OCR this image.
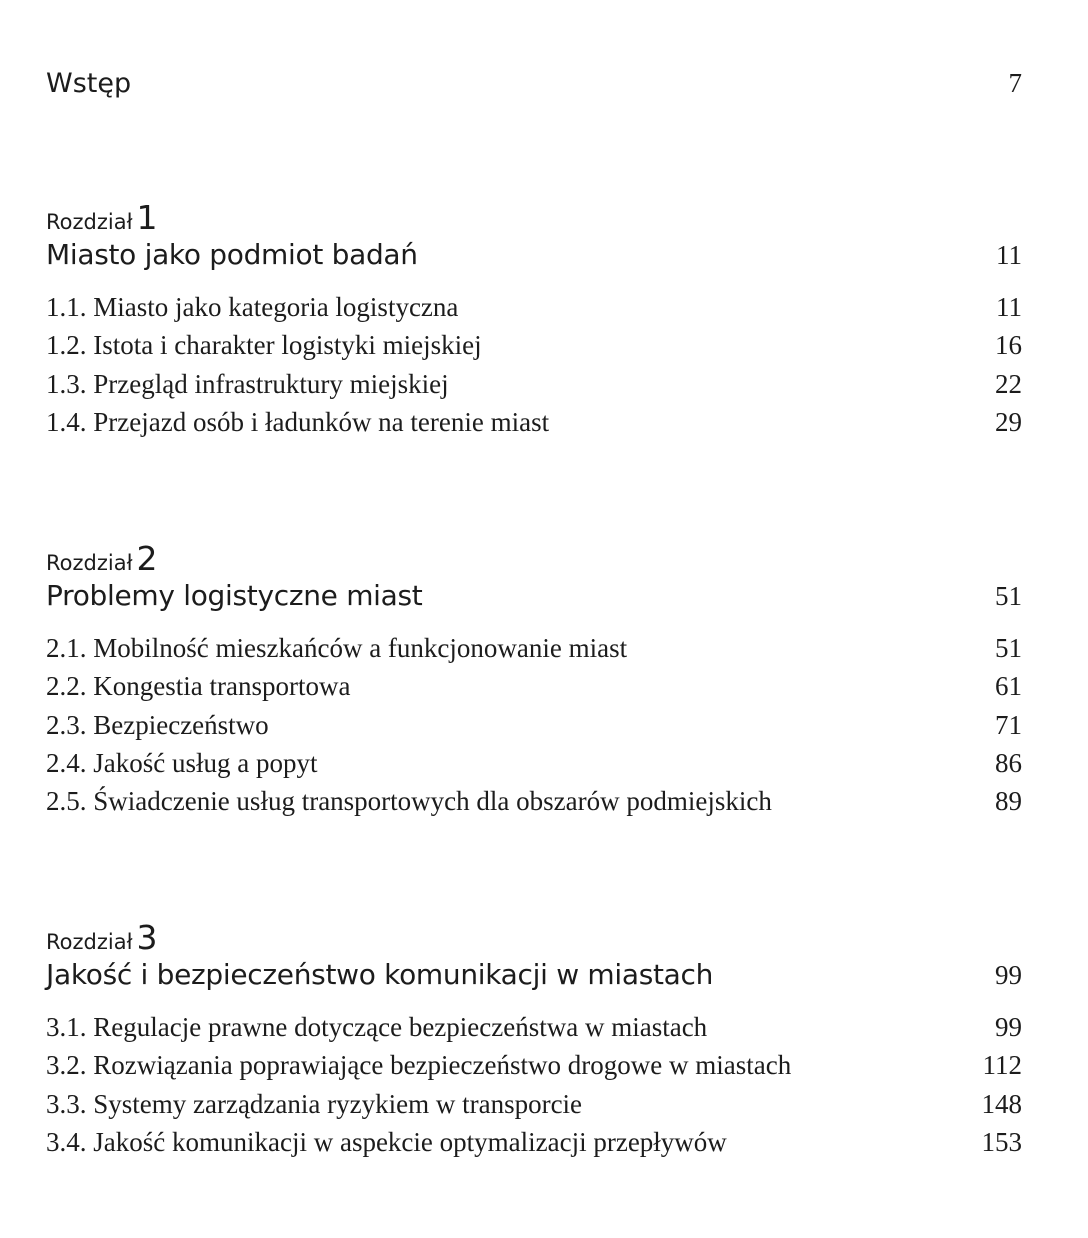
Wstęp	7
Rozdział 1
Miasto jako podmiot badań	11
1.1. Miasto jako kategoria logistyczna	11
1.2. Istota i charakter logistyki miejskiej	16
1.3. Przegląd infrastruktury miejskiej	22
1.4. Przejazd osób i ładunków na terenie miast	29
Rozdział 2
Problemy logistyczne miast	51
2.1. Mobilność mieszkańców a funkcjonowanie miast	51
2.2. Kongestia transportowa	61
2.3. Bezpieczeństwo	71
2.4. Jakość usług a popyt	86
2.5. Świadczenie usług transportowych dla obszarów podmiejskich	89
Rozdział 3
Jakość i bezpieczeństwo komunikacji w miastach	99
3.1. Regulacje prawne dotyczące bezpieczeństwa w miastach	99
3.2. Rozwiązania poprawiające bezpieczeństwo drogowe w miastach	112
3.3. Systemy zarządzania ryzykiem w transporcie	148
3.4. Jakość komunikacji w aspekcie optymalizacji przepływów	153
